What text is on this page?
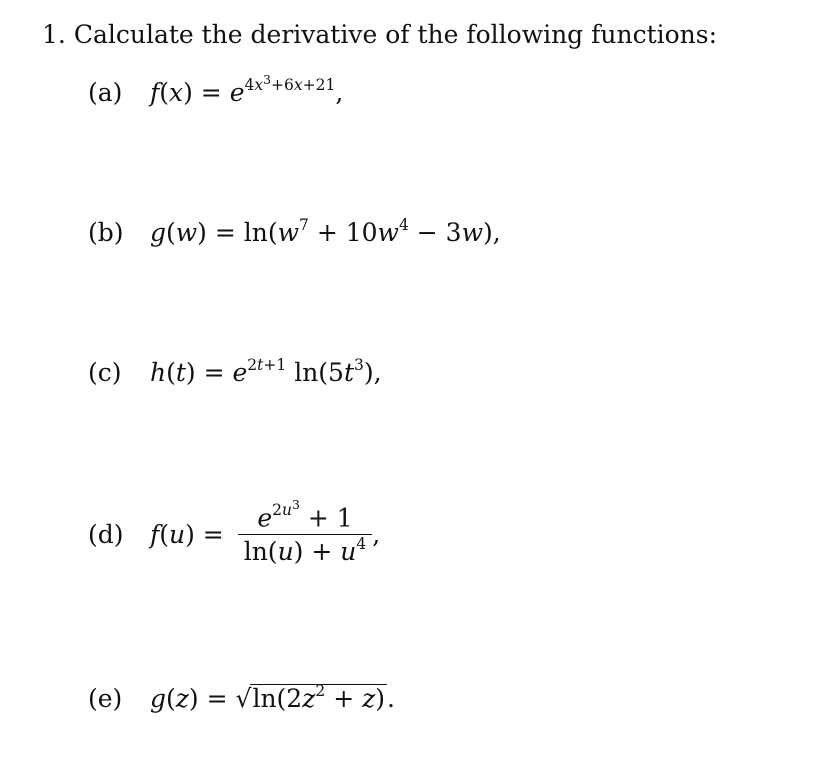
1. Calculate the derivative of the following functions:
(a) $f(x) = e^{4x^3+6x+21}$,
(b) $g(w) = \ln(w^7 + 10w^4 - 3w)$,
(c) $h(t) = e^{2t+1}$ $\ln(5t^3)$,
(d) $f(u) = \frac{e^{2u^3} + 1}{\ln(u) + u^4}$ ,
(e) $g(z) = √\ln(2z^2 + z)$.
